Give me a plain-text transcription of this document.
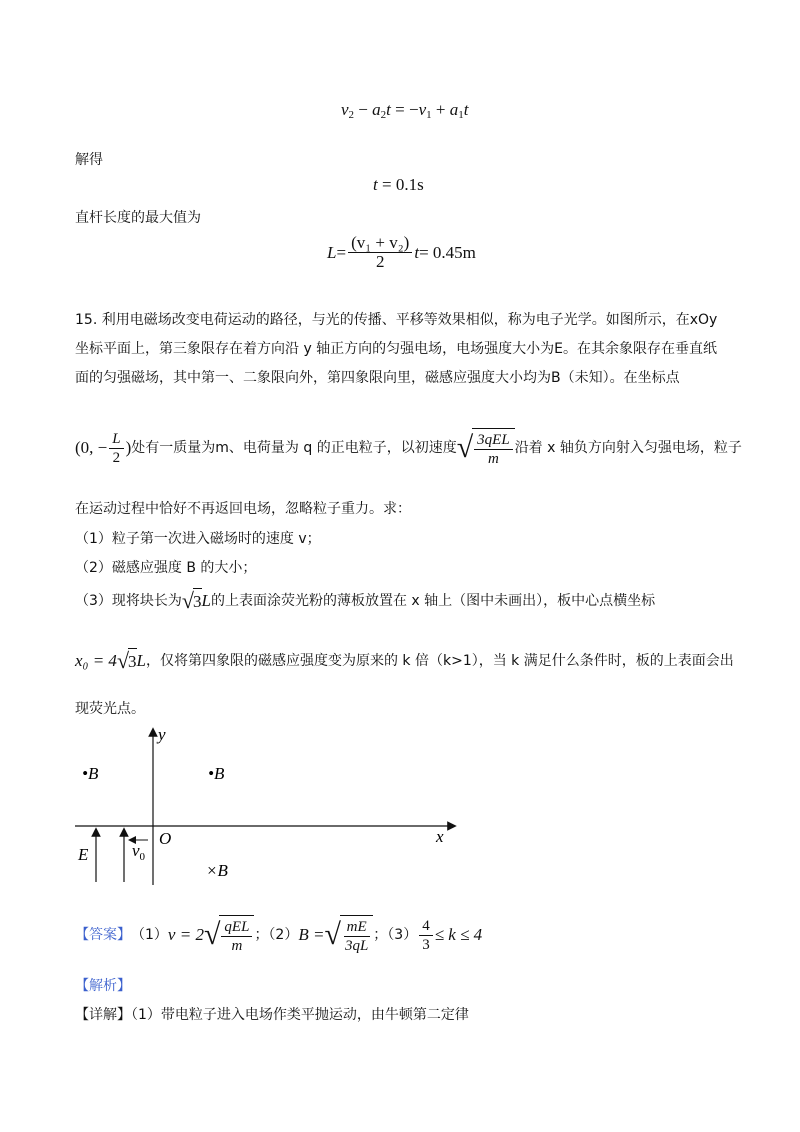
$v_2 - a_2t = -v_1 + a_1t$
解得
t = 0.1s
直杆长度的最大值为
$L = \frac{\text{(v₁ + v₂)}}{2}$ t = 0.45m
15. 利用电磁场改变电荷运动的路径，与光的传播、平移等效果相似，称为电子光学。如图所示，在xOy
坐标平面上，第三象限存在着方向沿 y 轴正方向的匀强电场，电场强度大小为E。在其余象限存在垂直纸
面的匀强磁场，其中第一、二象限向外，第四象限向里，磁感应强度大小均为B（未知）。在坐标点
(0, − $\frac{L}{2}$ ) 处有一质量为m、电荷量为 q 的正电粒子，以初速度 √ $\frac{\text{3qEL}}{m}$ 沿着 x 轴负方向射入匀强电场，粒子
在运动过程中恰好不再返回电场，忽略粒子重力。求：
（1）粒子第一次进入磁场时的速度 v；
（2）磁感应强度 B 的大小；
（3）现将块长为 √ 3 L 的上表面涂荧光粉的薄板放置在 x 轴上（图中未画出），板中心点横坐标
x₀ = 4 √ 3 L ，仅将第四象限的磁感应强度变为原来的 k 倍（k>1），当 k 满足什么条件时，板的上表面会出
现荧光点。
y
x
O
•B	•B
×B
E	$v_0$
【答案】 （1） v = 2 √ $\frac{\text{qEL}}{m}$ ；（2） B = √ $\frac{mE}{3qL}$ ；$(3) \frac{4}{3} \le k \le 4$
【解析】
【详解】（1）带电粒子进入电场作类平抛运动，由牛顿第二定律
